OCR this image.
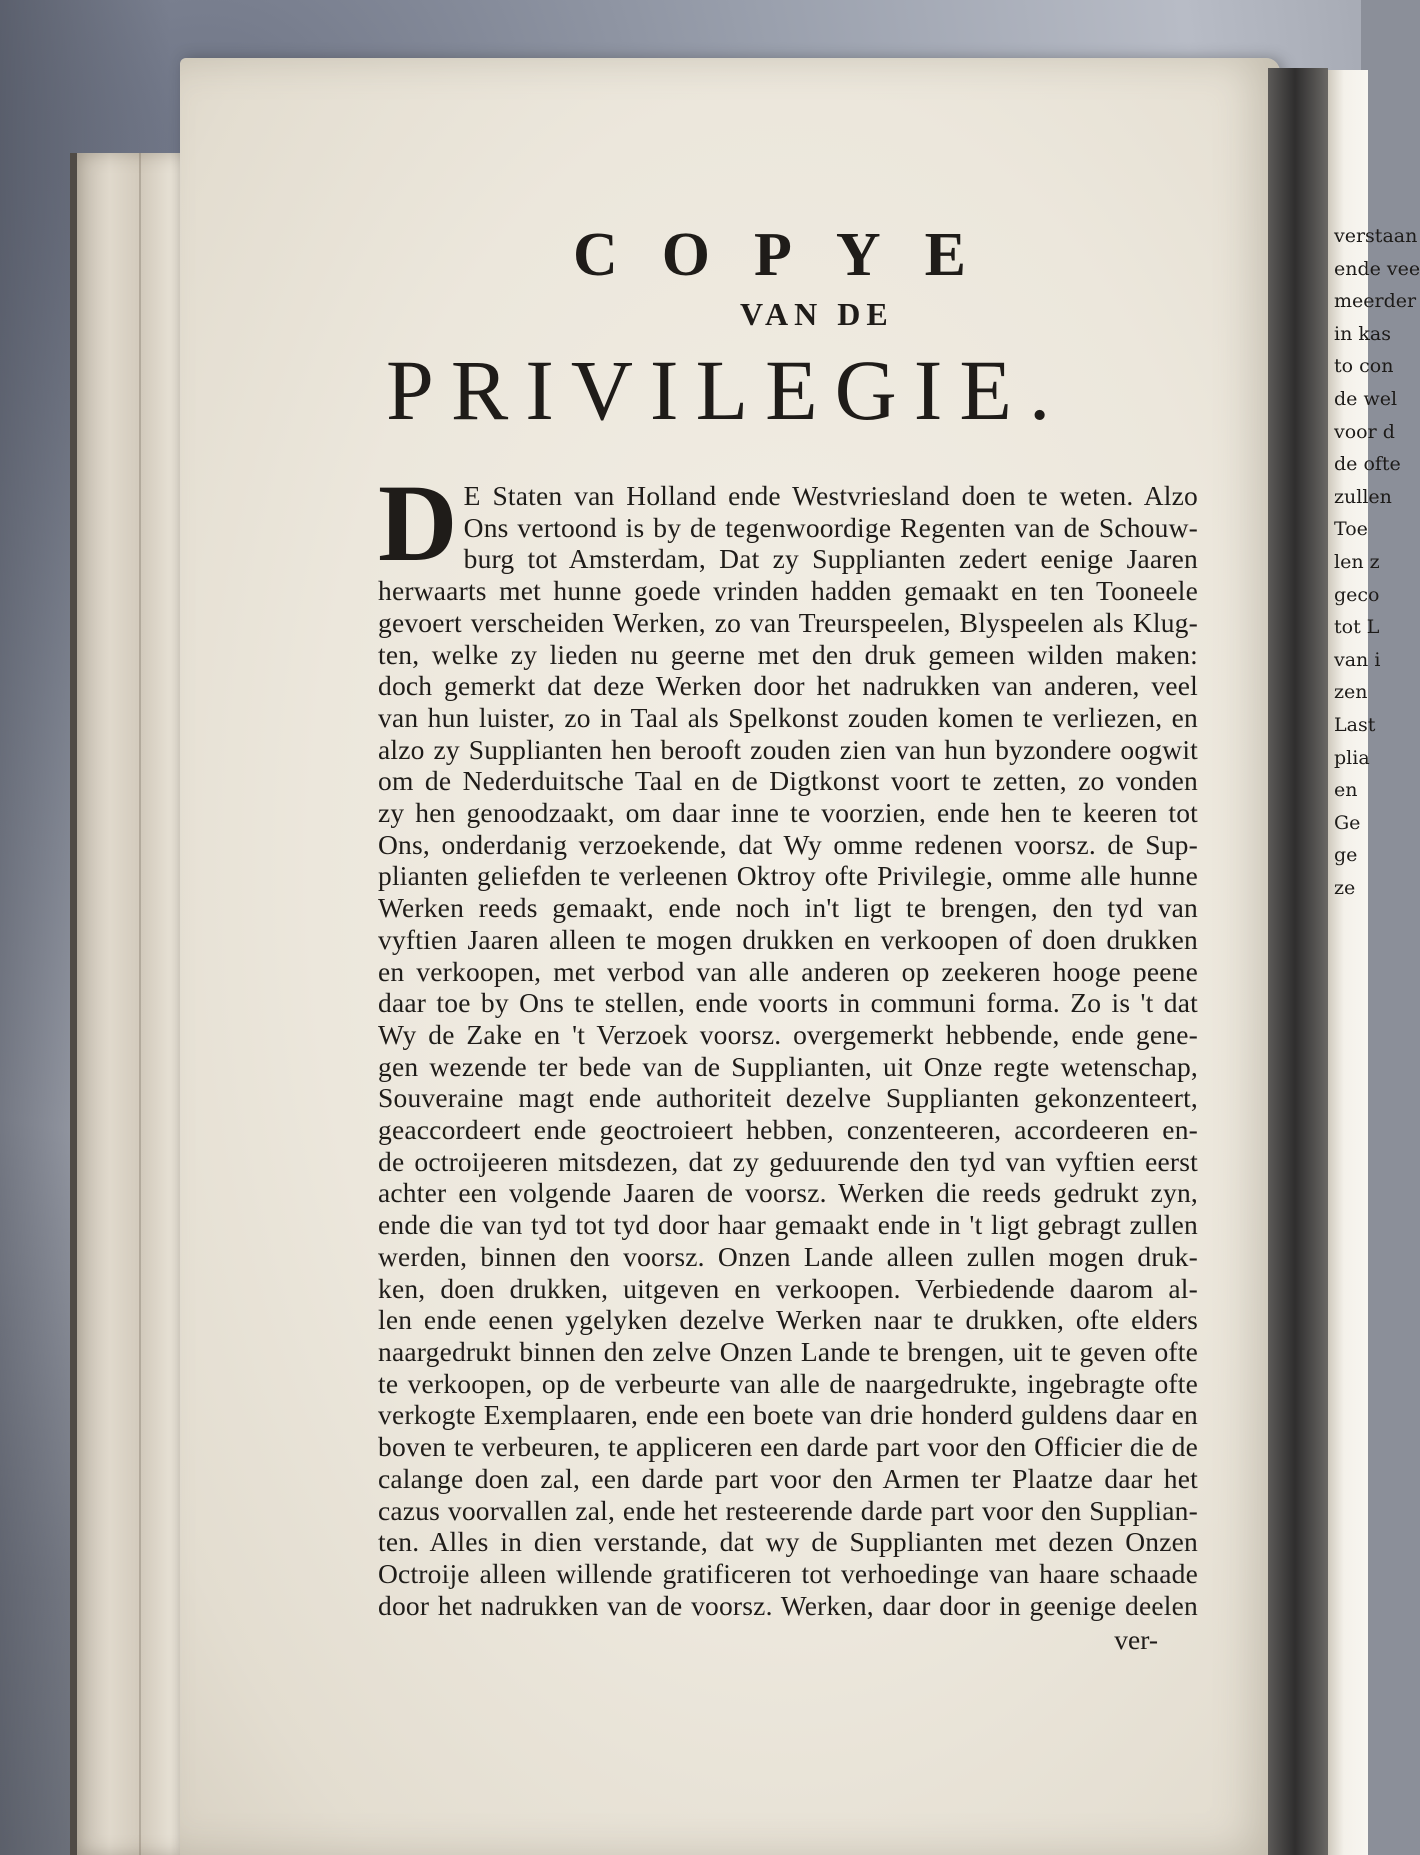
verstaan
ende vee
meerder
in kas
to con
de wel
voor d
de ofte
zullen
Toe
len z
geco
tot L
van i
zen
Last
plia
en
Ge
ge
ze
COPYE
VAN DE
PRIVILEGIE.
D E Staten van Holland ende Westvriesland doen te weten. Alzo
Ons vertoond is by de tegenwoordige Regenten van de Schouw-
burg tot Amsterdam, Dat zy Supplianten zedert eenige Jaaren
herwaarts met hunne goede vrinden hadden gemaakt en ten Tooneele
gevoert verscheiden Werken, zo van Treurspeelen, Blyspeelen als Klug-
ten, welke zy lieden nu geerne met den druk gemeen wilden maken:
doch gemerkt dat deze Werken door het nadrukken van anderen, veel
van hun luister, zo in Taal als Spelkonst zouden komen te verliezen, en
alzo zy Supplianten hen berooft zouden zien van hun byzondere oogwit
om de Nederduitsche Taal en de Digtkonst voort te zetten, zo vonden
zy hen genoodzaakt, om daar inne te voorzien, ende hen te keeren tot
Ons, onderdanig verzoekende, dat Wy omme redenen voorsz. de Sup-
plianten geliefden te verleenen Oktroy ofte Privilegie, omme alle hunne
Werken reeds gemaakt, ende noch in't ligt te brengen, den tyd van
vyftien Jaaren alleen te mogen drukken en verkoopen of doen drukken
en verkoopen, met verbod van alle anderen op zeekeren hooge peene
daar toe by Ons te stellen, ende voorts in communi forma. Zo is 't dat
Wy de Zake en 't Verzoek voorsz. overgemerkt hebbende, ende gene-
gen wezende ter bede van de Supplianten, uit Onze regte wetenschap,
Souveraine magt ende authoriteit dezelve Supplianten gekonzenteert,
geaccordeert ende geoctroieert hebben, conzenteeren, accordeeren en-
de octroijeeren mitsdezen, dat zy geduurende den tyd van vyftien eerst
achter een volgende Jaaren de voorsz. Werken die reeds gedrukt zyn,
ende die van tyd tot tyd door haar gemaakt ende in 't ligt gebragt zullen
werden, binnen den voorsz. Onzen Lande alleen zullen mogen druk-
ken, doen drukken, uitgeven en verkoopen. Verbiedende daarom al-
len ende eenen ygelyken dezelve Werken naar te drukken, ofte elders
naargedrukt binnen den zelve Onzen Lande te brengen, uit te geven ofte
te verkoopen, op de verbeurte van alle de naargedrukte, ingebragte ofte
verkogte Exemplaaren, ende een boete van drie honderd guldens daar en
boven te verbeuren, te appliceren een darde part voor den Officier die de
calange doen zal, een darde part voor den Armen ter Plaatze daar het
cazus voorvallen zal, ende het resteerende darde part voor den Supplian-
ten. Alles in dien verstande, dat wy de Supplianten met dezen Onzen
Octroije alleen willende gratificeren tot verhoedinge van haare schaade
door het nadrukken van de voorsz. Werken, daar door in geenige deelen
ver-
